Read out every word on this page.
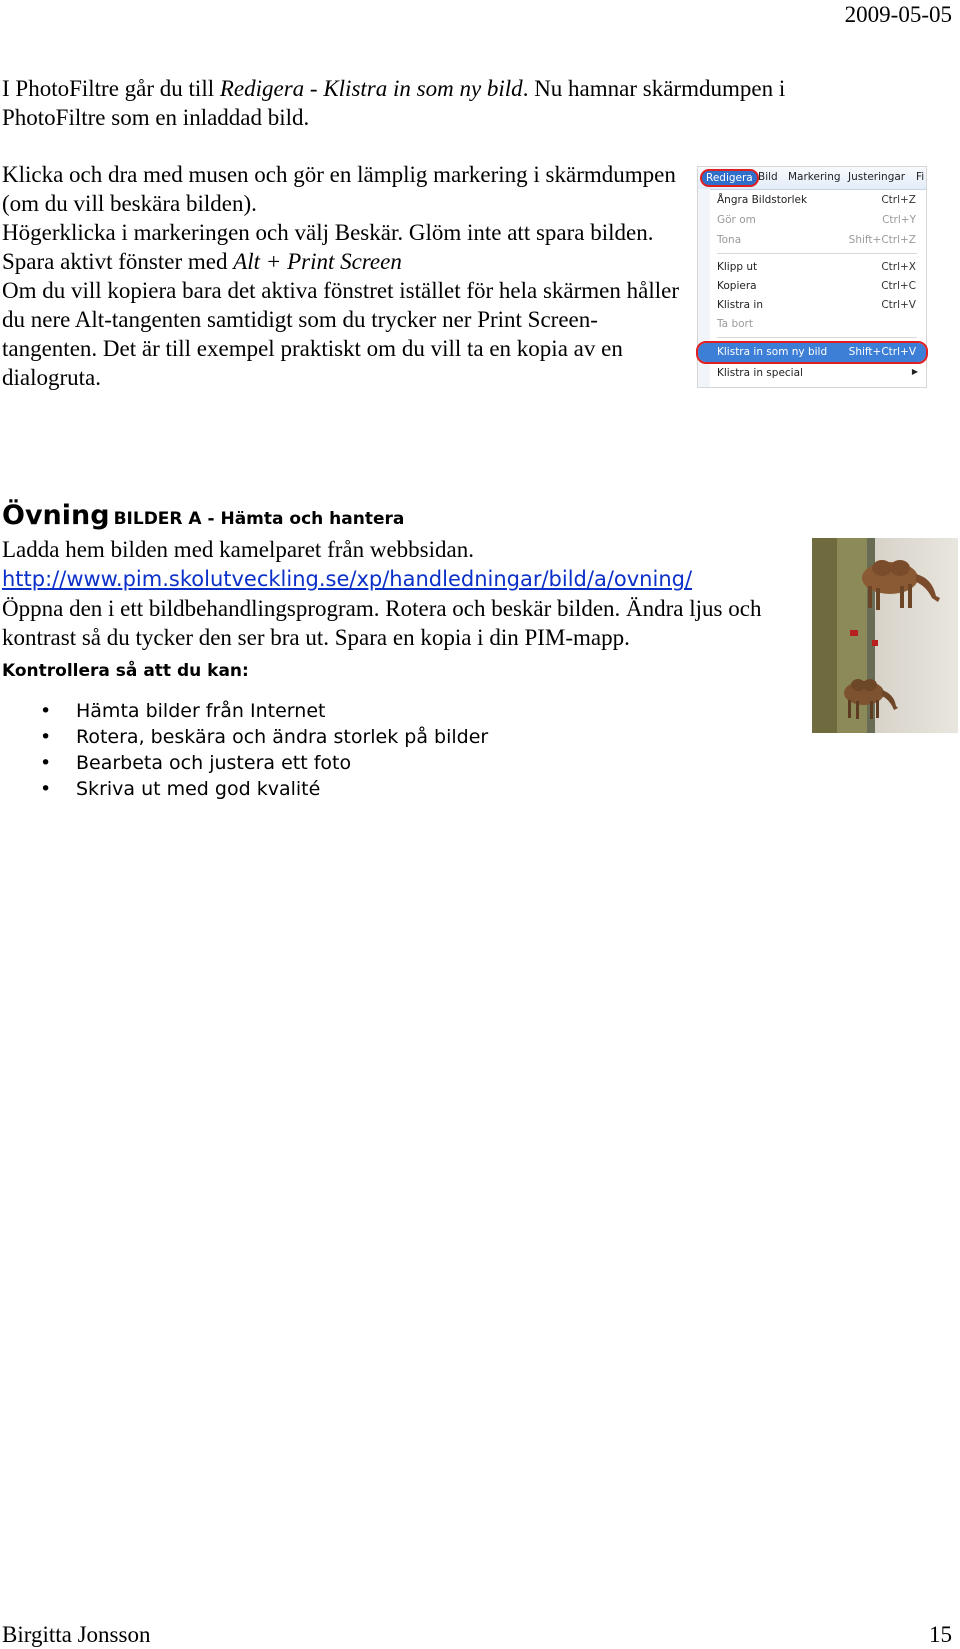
2009-05-05

I PhotoFiltre går du till Redigera - Klistra in som ny bild. Nu hamnar skärmdumpen i PhotoFiltre som en inladdad bild.

Klicka och dra med musen och gör en lämplig markering i skärmdumpen (om du vill beskära bilden).

Högerklicka i markeringen och välj Beskär. Glöm inte att spara bilden.

Spara aktivt fönster med Alt + Print Screen

Om du vill kopiera bara det aktiva fönstret istället för hela skärmen håller du nere Alt-tangenten samtidigt som du trycker ner Print Screen-tangenten. Det är till exempel praktiskt om du vill ta en kopia av en dialogruta.

Redigera Bild Markering Justeringar Fi
Ångra Bildstorlek	Ctrl+Z
Gör om	Ctrl+Y
Tona	Shift+Ctrl+Z
Klipp ut	Ctrl+X
Kopiera	Ctrl+C
Klistra in	Ctrl+V
Ta bort
Klistra in som ny bild Shift+Ctrl+V
Klistra in special	▶
Övning BILDER A - Hämta och hantera

Ladda hem bilden med kamelparet från webbsidan.

http://www.pim.skolutveckling.se/xp/handledningar/bild/a/ovning/

Öppna den i ett bildbehandlingsprogram. Rotera och beskär bilden. Ändra ljus och kontrast så du tycker den ser bra ut. Spara en kopia i din PIM-mapp.

Kontrollera så att du kan:
• Hämta bilder från Internet
• Rotera, beskära och ändra storlek på bilder
• Bearbeta och justera ett foto
• Skriva ut med god kvalité
Birgitta Jonsson	15
